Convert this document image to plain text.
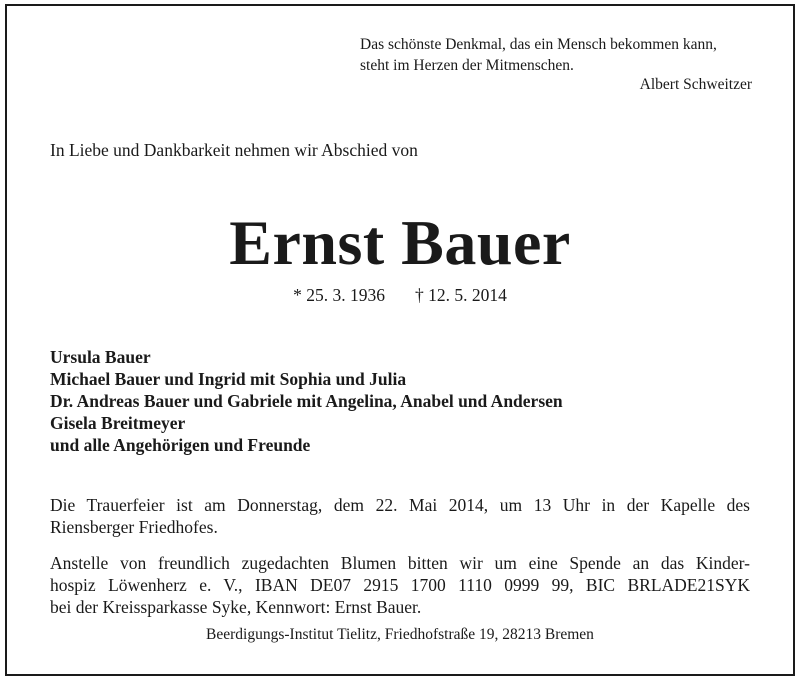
Das schönste Denkmal, das ein Mensch bekommen kann,
steht im Herzen der Mitmenschen.
Albert Schweitzer
In Liebe und Dankbarkeit nehmen wir Abschied von
Ernst Bauer
* 25. 3. 1936 † 12. 5. 2014
Ursula Bauer
Michael Bauer und Ingrid mit Sophia und Julia
Dr. Andreas Bauer und Gabriele mit Angelina, Anabel und Andersen
Gisela Breitmeyer
und alle Angehörigen und Freunde
Die Trauerfeier ist am Donnerstag, dem 22. Mai 2014, um 13 Uhr in der Kapelle des
Riensberger Friedhofes.
Anstelle von freundlich zugedachten Blumen bitten wir um eine Spende an das Kinder-
hospiz Löwenherz e. V., IBAN DE07 2915 1700 1110 0999 99, BIC BRLADE21SYK
bei der Kreissparkasse Syke, Kennwort: Ernst Bauer.
Beerdigungs-Institut Tielitz, Friedhofstraße 19, 28213 Bremen
